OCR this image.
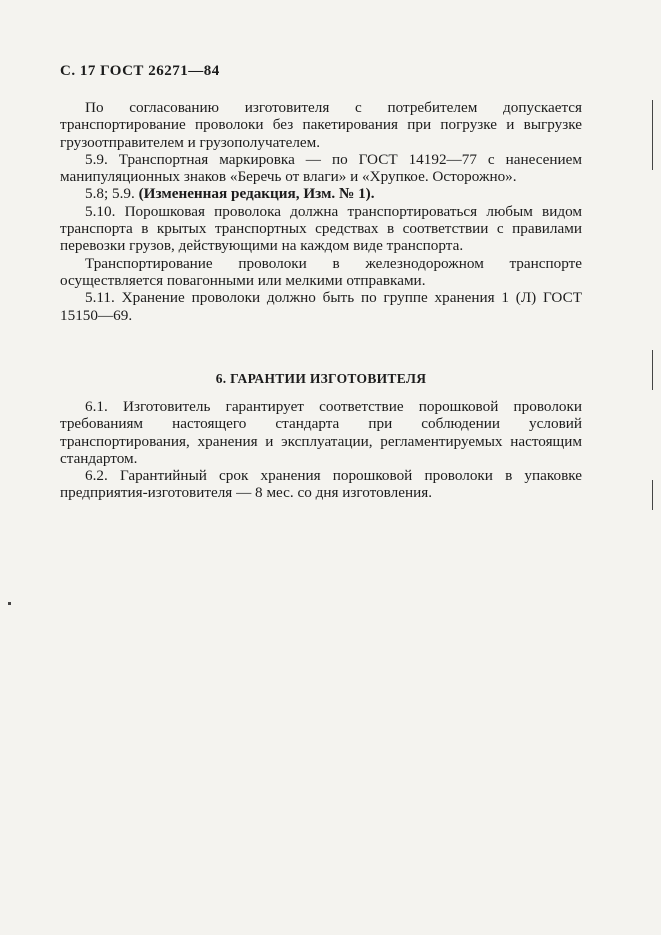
С. 17 ГОСТ 26271—84

По согласованию изготовителя с потребителем допускается транспортирование проволоки без пакетирования при погрузке и выгрузке грузоотправителем и грузополучателем.

5.9. Транспортная маркировка — по ГОСТ 14192—77 с нанесением манипуляционных знаков «Беречь от влаги» и «Хрупкое. Осторожно».

5.8; 5.9. (Измененная редакция, Изм. № 1).

5.10. Порошковая проволока должна транспортироваться любым видом транспорта в крытых транспортных средствах в соответствии с правилами перевозки грузов, действующими на каждом виде транспорта.

Транспортирование проволоки в железнодорожном транспорте осуществляется повагонными или мелкими отправками.

5.11. Хранение проволоки должно быть по группе хранения 1 (Л) ГОСТ 15150—69.

6. ГАРАНТИИ ИЗГОТОВИТЕЛЯ

6.1. Изготовитель гарантирует соответствие порошковой проволоки требованиям настоящего стандарта при соблюдении условий транспортирования, хранения и эксплуатации, регламентируемых настоящим стандартом.

6.2. Гарантийный срок хранения порошковой проволоки в упаковке предприятия-изготовителя — 8 мес. со дня изготовления.
